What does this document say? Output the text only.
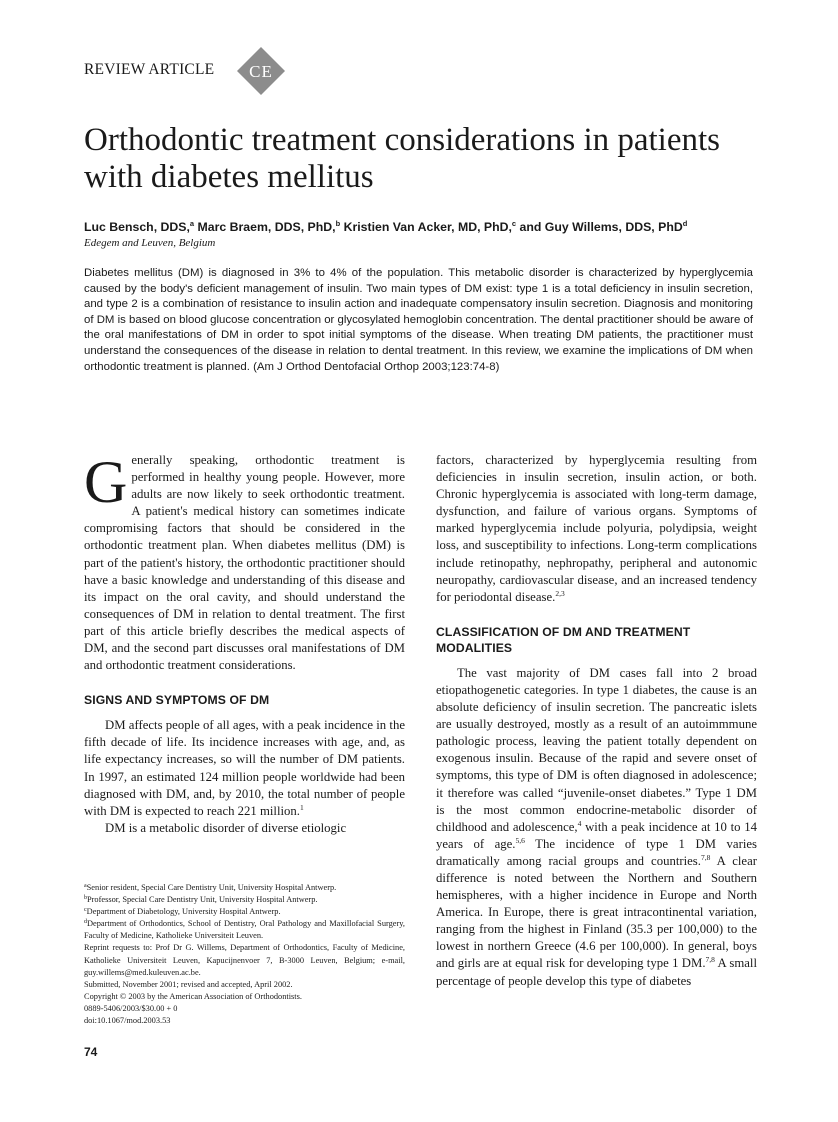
REVIEW ARTICLE CE
Orthodontic treatment considerations in patients with diabetes mellitus
Luc Bensch, DDS,$^a$ Marc Braem, DDS, PhD,$^b$ Kristien Van Acker, MD, PhD,$^c$ and Guy Willems, DDS, PhD$^d$
Edegem and Leuven, Belgium
Diabetes mellitus (DM) is diagnosed in 3% to 4% of the population. This metabolic disorder is characterized by hyperglycemia caused by the body's deficient management of insulin. Two main types of DM exist: type 1 is a total deficiency in insulin secretion, and type 2 is a combination of resistance to insulin action and inadequate compensatory insulin secretion. Diagnosis and monitoring of DM is based on blood glucose concentration or glycosylated hemoglobin concentration. The dental practitioner should be aware of the oral manifestations of DM in order to spot initial symptoms of the disease. When treating DM patients, the practitioner must understand the consequences of the disease in relation to dental treatment. In this review, we examine the implications of DM when orthodontic treatment is planned. (Am J Orthod Dentofacial Orthop 2003;123:74-8)

Generally speaking, orthodontic treatment is performed in healthy young people. However, more adults are now likely to seek orthodontic treatment. A patient's medical history can sometimes indicate compromising factors that should be considered in the orthodontic treatment plan. When diabetes mellitus (DM) is part of the patient's history, the orthodontic practitioner should have a basic knowledge and understanding of this disease and its impact on the oral cavity, and should understand the consequences of DM in relation to dental treatment. The first part of this article briefly describes the medical aspects of DM, and the second part discusses oral manifestations of DM and orthodontic treatment considerations.

SIGNS AND SYMPTOMS OF DM

DM affects people of all ages, with a peak incidence in the fifth decade of life. Its incidence increases with age, and, as life expectancy increases, so will the number of DM patients. In 1997, an estimated 124 million people worldwide had been diagnosed with DM, and, by 2010, the total number of people with DM is expected to reach 221 million.$^1$

DM is a metabolic disorder of diverse etiologic

factors, characterized by hyperglycemia resulting from deficiencies in insulin secretion, insulin action, or both. Chronic hyperglycemia is associated with long-term damage, dysfunction, and failure of various organs. Symptoms of marked hyperglycemia include polyuria, polydipsia, weight loss, and susceptibility to infections. Long-term complications include retinopathy, nephropathy, peripheral and autonomic neuropathy, cardiovascular disease, and an increased tendency for periodontal disease.$^{2,3}$

CLASSIFICATION OF DM AND TREATMENT MODALITIES

The vast majority of DM cases fall into 2 broad etiopathogenetic categories. In type 1 diabetes, the cause is an absolute deficiency of insulin secretion. The pancreatic islets are usually destroyed, mostly as a result of an autoimmmune pathologic process, leaving the patient totally dependent on exogenous insulin. Because of the rapid and severe onset of symptoms, this type of DM is often diagnosed in adolescence; it therefore was called “juvenile-onset diabetes.” Type 1 DM is the most common endocrine-metabolic disorder of childhood and adolescence,$^4$ with a peak incidence at 10 to 14 years of age.$^{5,6}$ The incidence of type 1 DM varies dramatically among racial groups and countries.$^{7,8}$ A clear difference is noted between the Northern and Southern hemispheres, with a higher incidence in Europe and North America. In Europe, there is great intracontinental variation, ranging from the highest in Finland (35.3 per 100,000) to the lowest in northern Greece (4.6 per 100,000). In general, boys and girls are at equal risk for developing type 1 DM.$^{7,8}$ A small percentage of people develop this type of diabetes

$^a$Senior resident, Special Care Dentistry Unit, University Hospital Antwerp.

$^b$Professor, Special Care Dentistry Unit, University Hospital Antwerp.

$^c$Department of Diabetology, University Hospital Antwerp.

$^d$Department of Orthodontics, School of Dentistry, Oral Pathology and Maxillofacial Surgery, Faculty of Medicine, Katholieke Universiteit Leuven.

Reprint requests to: Prof Dr G. Willems, Department of Orthodontics, Faculty of Medicine, Katholieke Universiteit Leuven, Kapucijnenvoer 7, B-3000 Leuven, Belgium; e-mail, guy.willems@med.kuleuven.ac.be.

Submitted, November 2001; revised and accepted, April 2002.

Copyright © 2003 by the American Association of Orthodontists.

0889-5406/2003/$30.00 + 0

doi:10.1067/mod.2003.53

74
